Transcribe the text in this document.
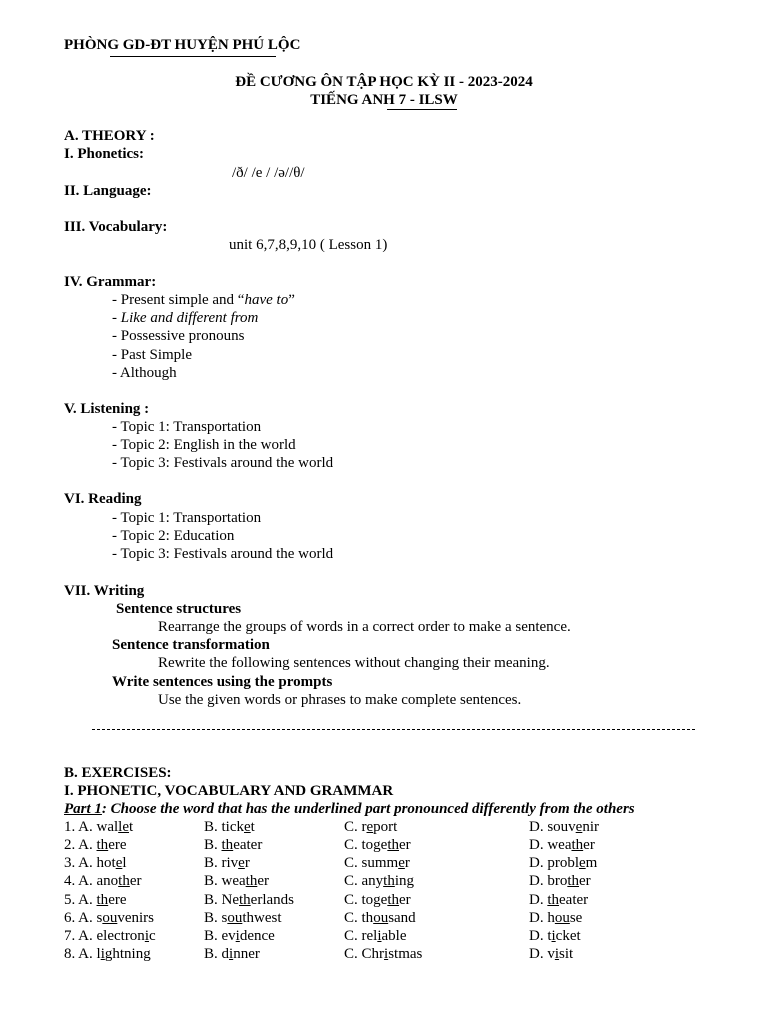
PHÒNG GD-ĐT HUYỆN PHÚ LỘC
ĐỀ CƯƠNG ÔN TẬP HỌC KỲ II - 2023-2024
TIẾNG ANH 7 - ILSW
A. THEORY :
I. Phonetics:
/ð/ /e / /ə//θ/
II. Language:
III. Vocabulary:
unit 6,7,8,9,10 ( Lesson 1)
IV. Grammar:
- Present simple and “have to”
- Like and different from
- Possessive pronouns
- Past Simple
- Although
V. Listening :
- Topic 1: Transportation
- Topic 2: English in the world
- Topic 3: Festivals around the world
VI. Reading
- Topic 1: Transportation
- Topic 2: Education
- Topic 3: Festivals around the world
VII. Writing
Sentence structures
Rearrange the groups of words in a correct order to make a sentence.
Sentence transformation
Rewrite the following sentences without changing their meaning.
Write sentences using the prompts
Use the given words or phrases to make complete sentences.
B. EXERCISES:
I. PHONETIC, VOCABULARY AND GRAMMAR
Part 1: Choose the word that has the underlined part pronounced differently from the others
1. A. wallet	B. ticket	C. report	D. souvenir
2. A. there	B. theater	C. together	D. weather
3. A. hotel	B. river	C. summer	D. problem
4. A. another	B. weather	C. anything	D. brother
5. A. there	B. Netherlands	C. together	D. theater
6. A. souvenirs	B. southwest	C. thousand	D. house
7. A. electronic	B. evidence	C. reliable	D. ticket
8. A. lightning	B. dinner	C. Christmas	D. visit
